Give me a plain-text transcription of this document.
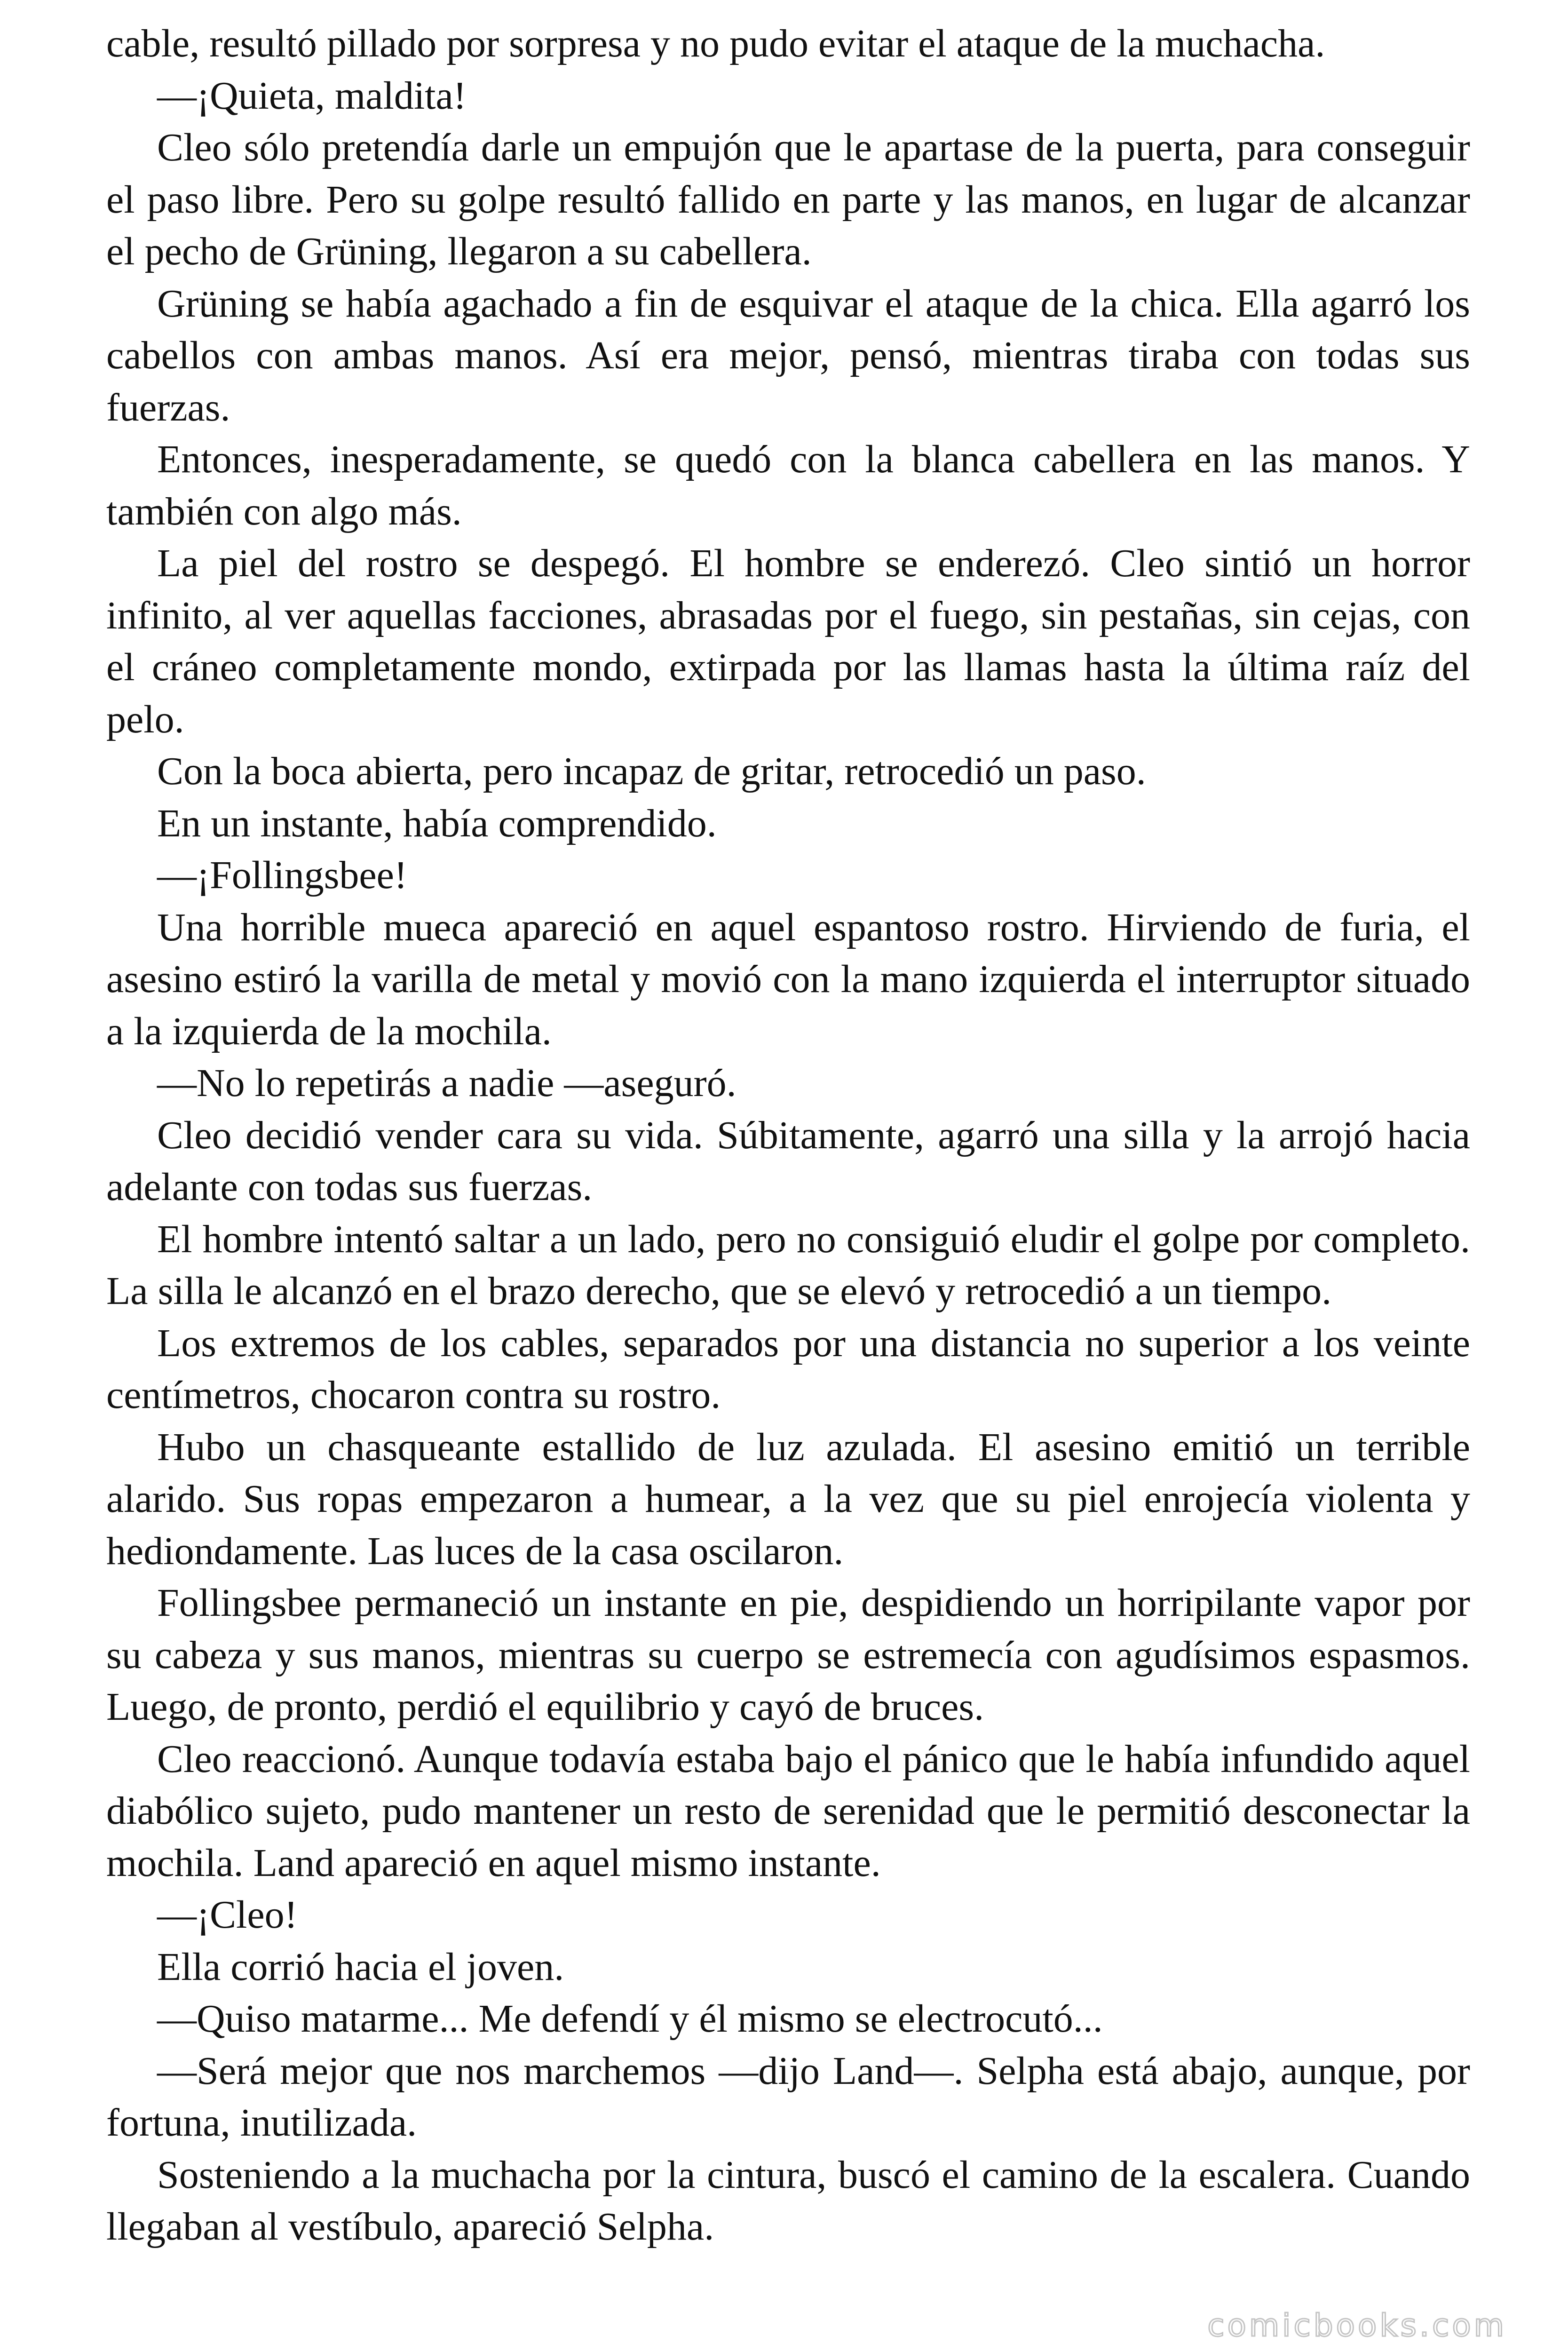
cable, resultó pillado por sorpresa y no pudo evitar el ataque de la muchacha.

—¡Quieta, maldita!

Cleo sólo pretendía darle un empujón que le apartase de la puerta, para conseguir el paso libre. Pero su golpe resultó fallido en parte y las manos, en lugar de alcanzar el pecho de Grüning, llegaron a su cabellera.

Grüning se había agachado a fin de esquivar el ataque de la chica. Ella agarró los cabellos con ambas manos. Así era mejor, pensó, mientras tiraba con todas sus fuerzas.

Entonces, inesperadamente, se quedó con la blanca cabellera en las manos. Y también con algo más.

La piel del rostro se despegó. El hombre se enderezó. Cleo sintió un horror infinito, al ver aquellas facciones, abrasadas por el fuego, sin pestañas, sin cejas, con el cráneo completamente mondo, extirpada por las llamas hasta la última raíz del pelo.

Con la boca abierta, pero incapaz de gritar, retrocedió un paso.

En un instante, había comprendido.

—¡Follingsbee!

Una horrible mueca apareció en aquel espantoso rostro. Hirviendo de furia, el asesino estiró la varilla de metal y movió con la mano izquierda el interruptor situado a la izquierda de la mochila.

—No lo repetirás a nadie —aseguró.

Cleo decidió vender cara su vida. Súbitamente, agarró una silla y la arrojó hacia adelante con todas sus fuerzas.

El hombre intentó saltar a un lado, pero no consiguió eludir el golpe por completo. La silla le alcanzó en el brazo derecho, que se elevó y retrocedió a un tiempo.

Los extremos de los cables, separados por una distancia no superior a los veinte centímetros, chocaron contra su rostro.

Hubo un chasqueante estallido de luz azulada. El asesino emitió un terrible alarido. Sus ropas empezaron a humear, a la vez que su piel enrojecía violenta y hediondamente. Las luces de la casa oscilaron.

Follingsbee permaneció un instante en pie, despidiendo un horripilante vapor por su cabeza y sus manos, mientras su cuerpo se estremecía con agudísimos espasmos. Luego, de pronto, perdió el equilibrio y cayó de bruces.

Cleo reaccionó. Aunque todavía estaba bajo el pánico que le había infundido aquel diabólico sujeto, pudo mantener un resto de serenidad que le permitió desconectar la mochila. Land apareció en aquel mismo instante.

—¡Cleo!

Ella corrió hacia el joven.

—Quiso matarme... Me defendí y él mismo se electrocutó...

—Será mejor que nos marchemos —dijo Land—. Selpha está abajo, aunque, por fortuna, inutilizada.

Sosteniendo a la muchacha por la cintura, buscó el camino de la escalera. Cuando llegaban al vestíbulo, apareció Selpha.

comicbooks.com
